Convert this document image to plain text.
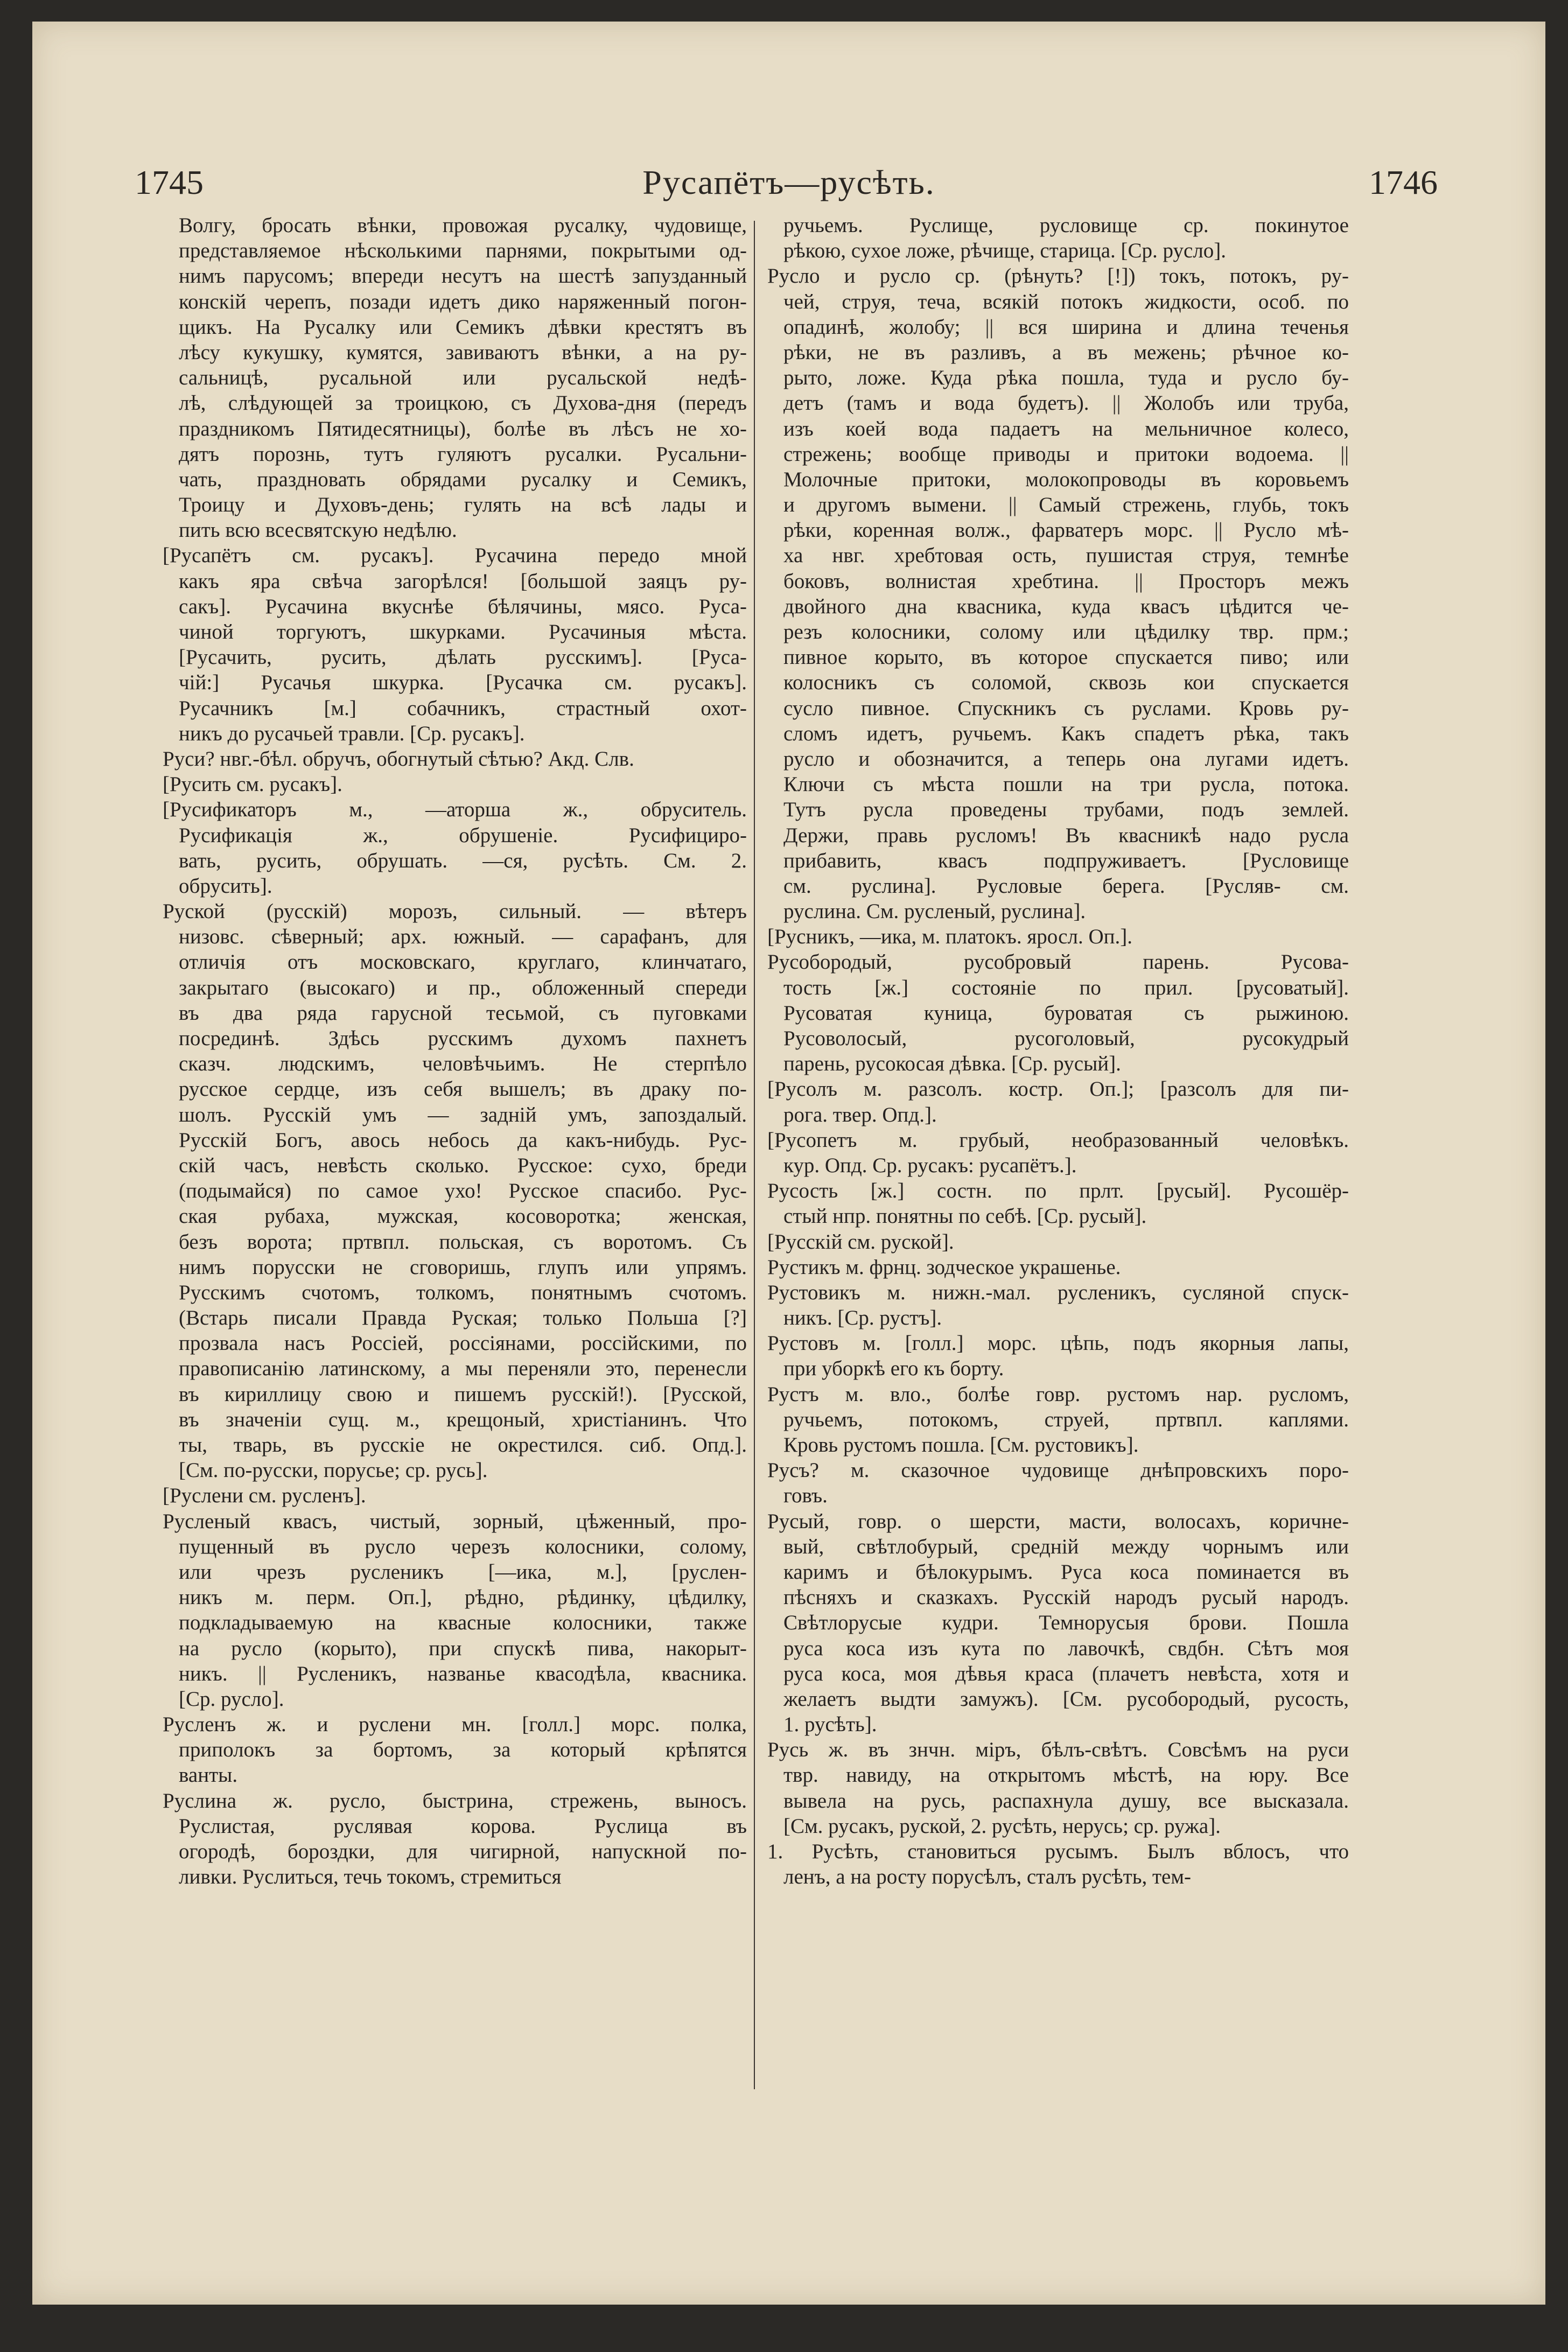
1745	Русапётъ—русѣть.	1746
Волгу, бросать вѣнки, провожая русалку, чудовище,
представляемое нѣсколькими парнями, покрытыми од-
нимъ парусомъ; впереди несутъ на шестѣ запузданный
конскій черепъ, позади идетъ дико наряженный погон-
щикъ. На Русалку или Семикъ дѣвки крестятъ въ
лѣсу кукушку, кумятся, завиваютъ вѣнки, а на ру-
сальницѣ, русальной или русальской недѣ-
лѣ, слѣдующей за троицкою, съ Духова-дня (передъ
праздникомъ Пятидесятницы), болѣе въ лѣсъ не хо-
дятъ порознь, тутъ гуляютъ русалки. Русальни-
чать, праздновать обрядами русалку и Семикъ,
Троицу и Духовъ-день; гулять на всѣ лады и
пить всю всесвятскую недѣлю.
[Русапётъ см. русакъ]. Русачина передо мной
какъ яра свѣча загорѣлся! [большой заяцъ ру-
сакъ]. Русачина вкуснѣе бѣлячины, мясо. Руса-
чиной торгуютъ, шкурками. Русачиныя мѣста.
[Русачить, русить, дѣлать русскимъ]. [Руса-
чій:] Русачья шкурка. [Русачка см. русакъ].
Русачникъ [м.] собачникъ, страстный охот-
никъ до русачьей травли. [Ср. русакъ].
Руси? нвг.-бѣл. обручъ, обогнутый сѣтью? Акд. Слв.
[Русить см. русакъ].
[Русификаторъ м., —аторша ж., обруситель.
Русификація ж., обрушеніе. Русифициро-
вать, русить, обрушать. —ся, русѣть. См. 2.
обрусить].
Руской (русскій) морозъ, сильный. — вѣтеръ
низовс. сѣверный; арх. южный. — сарафанъ, для
отличія отъ московскаго, круглаго, клинчатаго,
закрытаго (высокаго) и пр., обложенный спереди
въ два ряда гарусной тесьмой, съ пуговками
посрединѣ. Здѣсь русскимъ духомъ пахнетъ
сказч. людскимъ, человѣчьимъ. Не стерпѣло
русское сердце, изъ себя вышелъ; въ драку по-
шолъ. Русскій умъ — задній умъ, запоздалый.
Русскій Богъ, авось небось да какъ-нибудь. Рус-
скій часъ, невѣсть сколько. Русское: сухо, бреди
(подымайся) по самое ухо! Русское спасибо. Рус-
ская рубаха, мужская, косоворотка; женская,
безъ ворота; пртвпл. польская, съ воротомъ. Съ
нимъ порусски не сговоришь, глупъ или упрямъ.
Русскимъ счотомъ, толкомъ, понятнымъ счотомъ.
(Встарь писали Правда Руская; только Польша [?]
прозвала насъ Россіей, россіянами, россійскими, по
правописанію латинскому, а мы переняли это, перенесли
въ кириллицу свою и пишемъ русскій!). [Русской,
въ значеніи сущ. м., крещоный, христіанинъ. Что
ты, тварь, въ русскіе не окрестился. сиб. Опд.].
[См. по-русски, порусье; ср. русь].
[Руслени см. русленъ].
Русленый квасъ, чистый, зорный, цѣженный, про-
пущенный въ русло черезъ колосники, солому,
или чрезъ русленикъ [—ика, м.], [руслен-
никъ м. перм. Оп.], рѣдно, рѣдинку, цѣдилку,
подкладываемую на квасные колосники, также
на русло (корыто), при спускѣ пива, накорыт-
никъ. || Русленикъ, названье квасодѣла, квасника.
[Ср. русло].
Русленъ ж. и руслени мн. [голл.] морс. полка,
приполокъ за бортомъ, за который крѣпятся
ванты.
Руслина ж. русло, быстрина, стрежень, выносъ.
Руслистая, руслявая корова. Руслица въ
огородѣ, бороздки, для чигирной, напускной по-
ливки. Руслиться, течь токомъ, стремиться
ручьемъ. Руслище, русловище ср. покинутое
рѣкою, сухое ложе, рѣчище, старица. [Ср. русло].
Русло и русло ср. (рѣнуть? [!]) токъ, потокъ, ру-
чей, струя, теча, всякій потокъ жидкости, особ. по
опадинѣ, жолобу; || вся ширина и длина теченья
рѣки, не въ разливъ, а въ межень; рѣчное ко-
рыто, ложе. Куда рѣка пошла, туда и русло бу-
детъ (тамъ и вода будетъ). || Жолобъ или труба,
изъ коей вода падаетъ на мельничное колесо,
стрежень; вообще приводы и притоки водоема. ||
Молочные притоки, молокопроводы въ коровьемъ
и другомъ вымени. || Самый стрежень, глубь, токъ
рѣки, коренная волж., фарватеръ морс. || Русло мѣ-
ха нвг. хребтовая ость, пушистая струя, темнѣе
боковъ, волнистая хребтина. || Просторъ межъ
двойного дна квасника, куда квасъ цѣдится че-
резъ колосники, солому или цѣдилку твр. прм.;
пивное корыто, въ которое спускается пиво; или
колосникъ съ соломой, сквозь кои спускается
сусло пивное. Спускникъ съ руслами. Кровь ру-
сломъ идетъ, ручьемъ. Какъ спадетъ рѣка, такъ
русло и обозначится, а теперь она лугами идетъ.
Ключи съ мѣста пошли на три русла, потока.
Тутъ русла проведены трубами, подъ землей.
Держи, правь русломъ! Въ квасникѣ надо русла
прибавить, квасъ подпруживаетъ. [Русловище
см. руслина]. Русловые берега. [Русляв- см.
руслина. См. русленый, руслина].
[Русникъ, —ика, м. платокъ. яросл. Оп.].
Русобородый, русобровый парень. Русова-
тость [ж.] состояніе по прил. [русоватый].
Русоватая куница, буроватая съ рыжиною.
Русоволосый, русоголовый, русокудрый
парень, русокосая дѣвка. [Ср. русый].
[Русолъ м. разсолъ. костр. Оп.]; [разсолъ для пи-
рога. твер. Опд.].
[Русопетъ м. грубый, необразованный человѣкъ.
кур. Опд. Ср. русакъ: русапётъ.].
Русость [ж.] состн. по прлт. [русый]. Русошёр-
стый нпр. понятны по себѣ. [Ср. русый].
[Русскій см. руской].
Рустикъ м. фрнц. зодческое украшенье.
Рустовикъ м. нижн.-мал. русленикъ, сусляной спуск-
никъ. [Ср. рустъ].
Рустовъ м. [голл.] морс. цѣпь, подъ якорныя лапы,
при уборкѣ его къ борту.
Рустъ м. вло., болѣе говр. рустомъ нар. русломъ,
ручьемъ, потокомъ, струей, пртвпл. каплями.
Кровь рустомъ пошла. [См. рустовикъ].
Русъ? м. сказочное чудовище днѣпровскихъ поро-
говъ.
Русый, говр. о шерсти, масти, волосахъ, коричне-
вый, свѣтлобурый, средній между чорнымъ или
каримъ и бѣлокурымъ. Руса коса поминается въ
пѣсняхъ и сказкахъ. Русскій народъ русый народъ.
Свѣтлорусые кудри. Темнорусыя брови. Пошла
руса коса изъ кута по лавочкѣ, свдбн. Сѣтъ моя
руса коса, моя дѣвья краса (плачетъ невѣста, хотя и
желаетъ выдти замужъ). [См. русобородый, русость,
1. русѣть].
Русь ж. въ знчн. міръ, бѣлъ-свѣтъ. Совсѣмъ на руси
твр. навиду, на открытомъ мѣстѣ, на юру. Все
вывела на русь, распахнула душу, все высказала.
[См. русакъ, руской, 2. русѣть, нерусь; ср. ружа].
1. Русѣть, становиться русымъ. Былъ вблосъ, что
ленъ, а на росту порусѣлъ, сталъ русѣть, тем-
